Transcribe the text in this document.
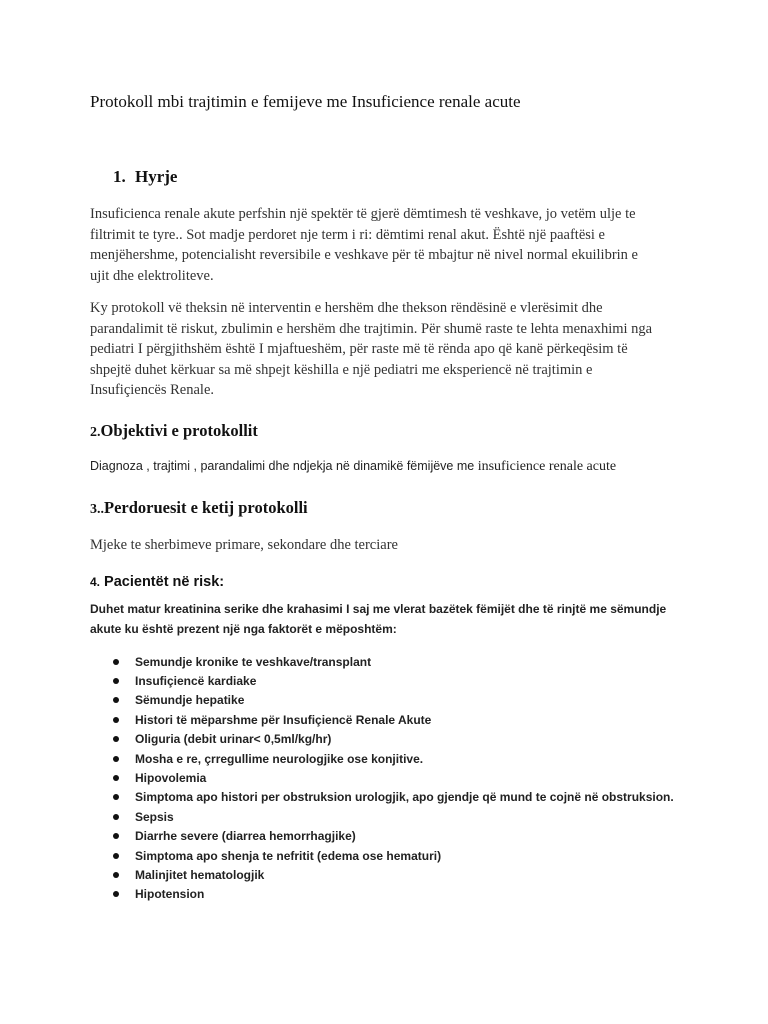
Protokoll mbi trajtimin e femijeve me Insuficience renale acute
1. Hyrje
Insuficienca renale akute perfshin një spektër të gjerë dëmtimesh të veshkave, jo vetëm ulje te
filtrimit te tyre.. Sot madje perdoret nje term i ri: dëmtimi renal akut. Është një paaftësi e
menjëhershme, potencialisht reversibile e veshkave për të mbajtur në nivel normal ekuilibrin e
ujit dhe elektroliteve.
Ky protokoll vë theksin në interventin e hershëm dhe thekson rëndësinë e vlerësimit dhe
parandalimit të riskut, zbulimin e hershëm dhe trajtimin. Për shumë raste te lehta menaxhimi nga
pediatri I përgjithshëm është I mjaftueshëm, për raste më të rënda apo që kanë përkeqësim të
shpejtë duhet kërkuar sa më shpejt këshilla e një pediatri me eksperiencë në trajtimin e
Insufiçiencës Renale.
2.Objektivi e protokollit
Diagnoza , trajtimi , parandalimi dhe ndjekja në dinamikë fëmijëve me insuficience renale acute
3..Perdoruesit e ketij protokolli
Mjeke te sherbimeve primare, sekondare dhe terciare
4. Pacientët në risk:
Duhet matur kreatinina serike dhe krahasimi I saj me vlerat bazëtek fëmijët dhe të rinjtë me sëmundje
akute ku është prezent një nga faktorët e mëposhtëm:
Semundje kronike te veshkave/transplant
Insufiçiencë kardiake
Sëmundje hepatike
Histori të mëparshme për Insufiçiencë Renale Akute
Oliguria (debit urinar< 0,5ml/kg/hr)
Mosha e re, çrregullime neurologjike ose konjitive.
Hipovolemia
Simptoma apo histori per obstruksion urologjik, apo gjendje që mund te cojnë në obstruksion.
Sepsis
Diarrhe severe (diarrea hemorrhagjike)
Simptoma apo shenja te nefritit (edema ose hematuri)
Malinjitet hematologjik
Hipotension
